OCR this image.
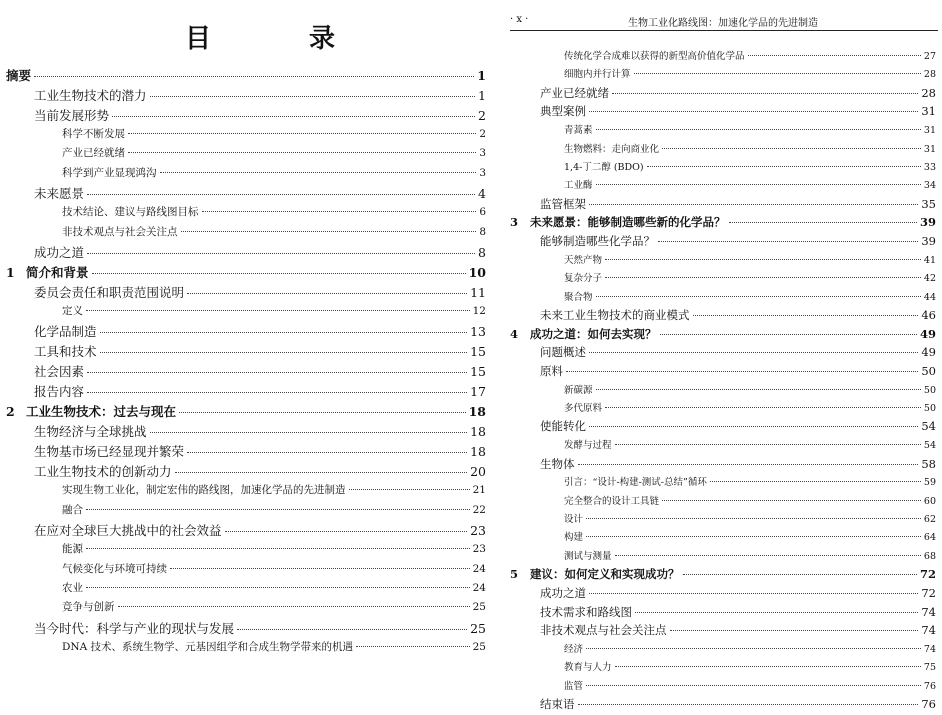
目	录
摘要	1
工业生物技术的潜力	1
当前发展形势	2
科学不断发展	2
产业已经就绪	3
科学到产业显现鸿沟	3
未来愿景	4
技术结论、建议与路线图目标	6
非技术观点与社会关注点	8
成功之道	8
1 简介和背景	10
委员会责任和职责范围说明	11
定义	12
化学品制造	13
工具和技术	15
社会因素	15
报告内容	17
2 工业生物技术：过去与现在	18
生物经济与全球挑战	18
生物基市场已经显现并繁荣	18
工业生物技术的创新动力	20
实现生物工业化，制定宏伟的路线图，加速化学品的先进制造	21
融合	22
在应对全球巨大挑战中的社会效益	23
能源	23
气候变化与环境可持续	24
农业	24
竞争与创新	25
当今时代：科学与产业的现状与发展	25
DNA 技术、系统生物学、元基因组学和合成生物学带来的机遇	25
· x ·	生物工业化路线图：加速化学品的先进制造
传统化学合成难以获得的新型高价值化学品	27
细胞内并行计算	28
产业已经就绪	28
典型案例	31
青蒿素	31
生物燃料：走向商业化	31
1,4-丁二醇 (BDO)	33
工业酶	34
监管框架	35
3	未来愿景：能够制造哪些新的化学品？	39
能够制造哪些化学品？	39
天然产物	41
复杂分子	42
聚合物	44
未来工业生物技术的商业模式	46
4	成功之道：如何去实现？	49
问题概述	49
原料	50
新碳源	50
多代原料	50
使能转化	54
发酵与过程	54
生物体	58
引言：“设计-构建-测试-总结”循环	59
完全整合的设计工具链	60
设计	62
构建	64
测试与测量	68
5	建议：如何定义和实现成功？	72
成功之道	72
技术需求和路线图	74
非技术观点与社会关注点	74
经济	74
教育与人力	75
监管	76
结束语	76
